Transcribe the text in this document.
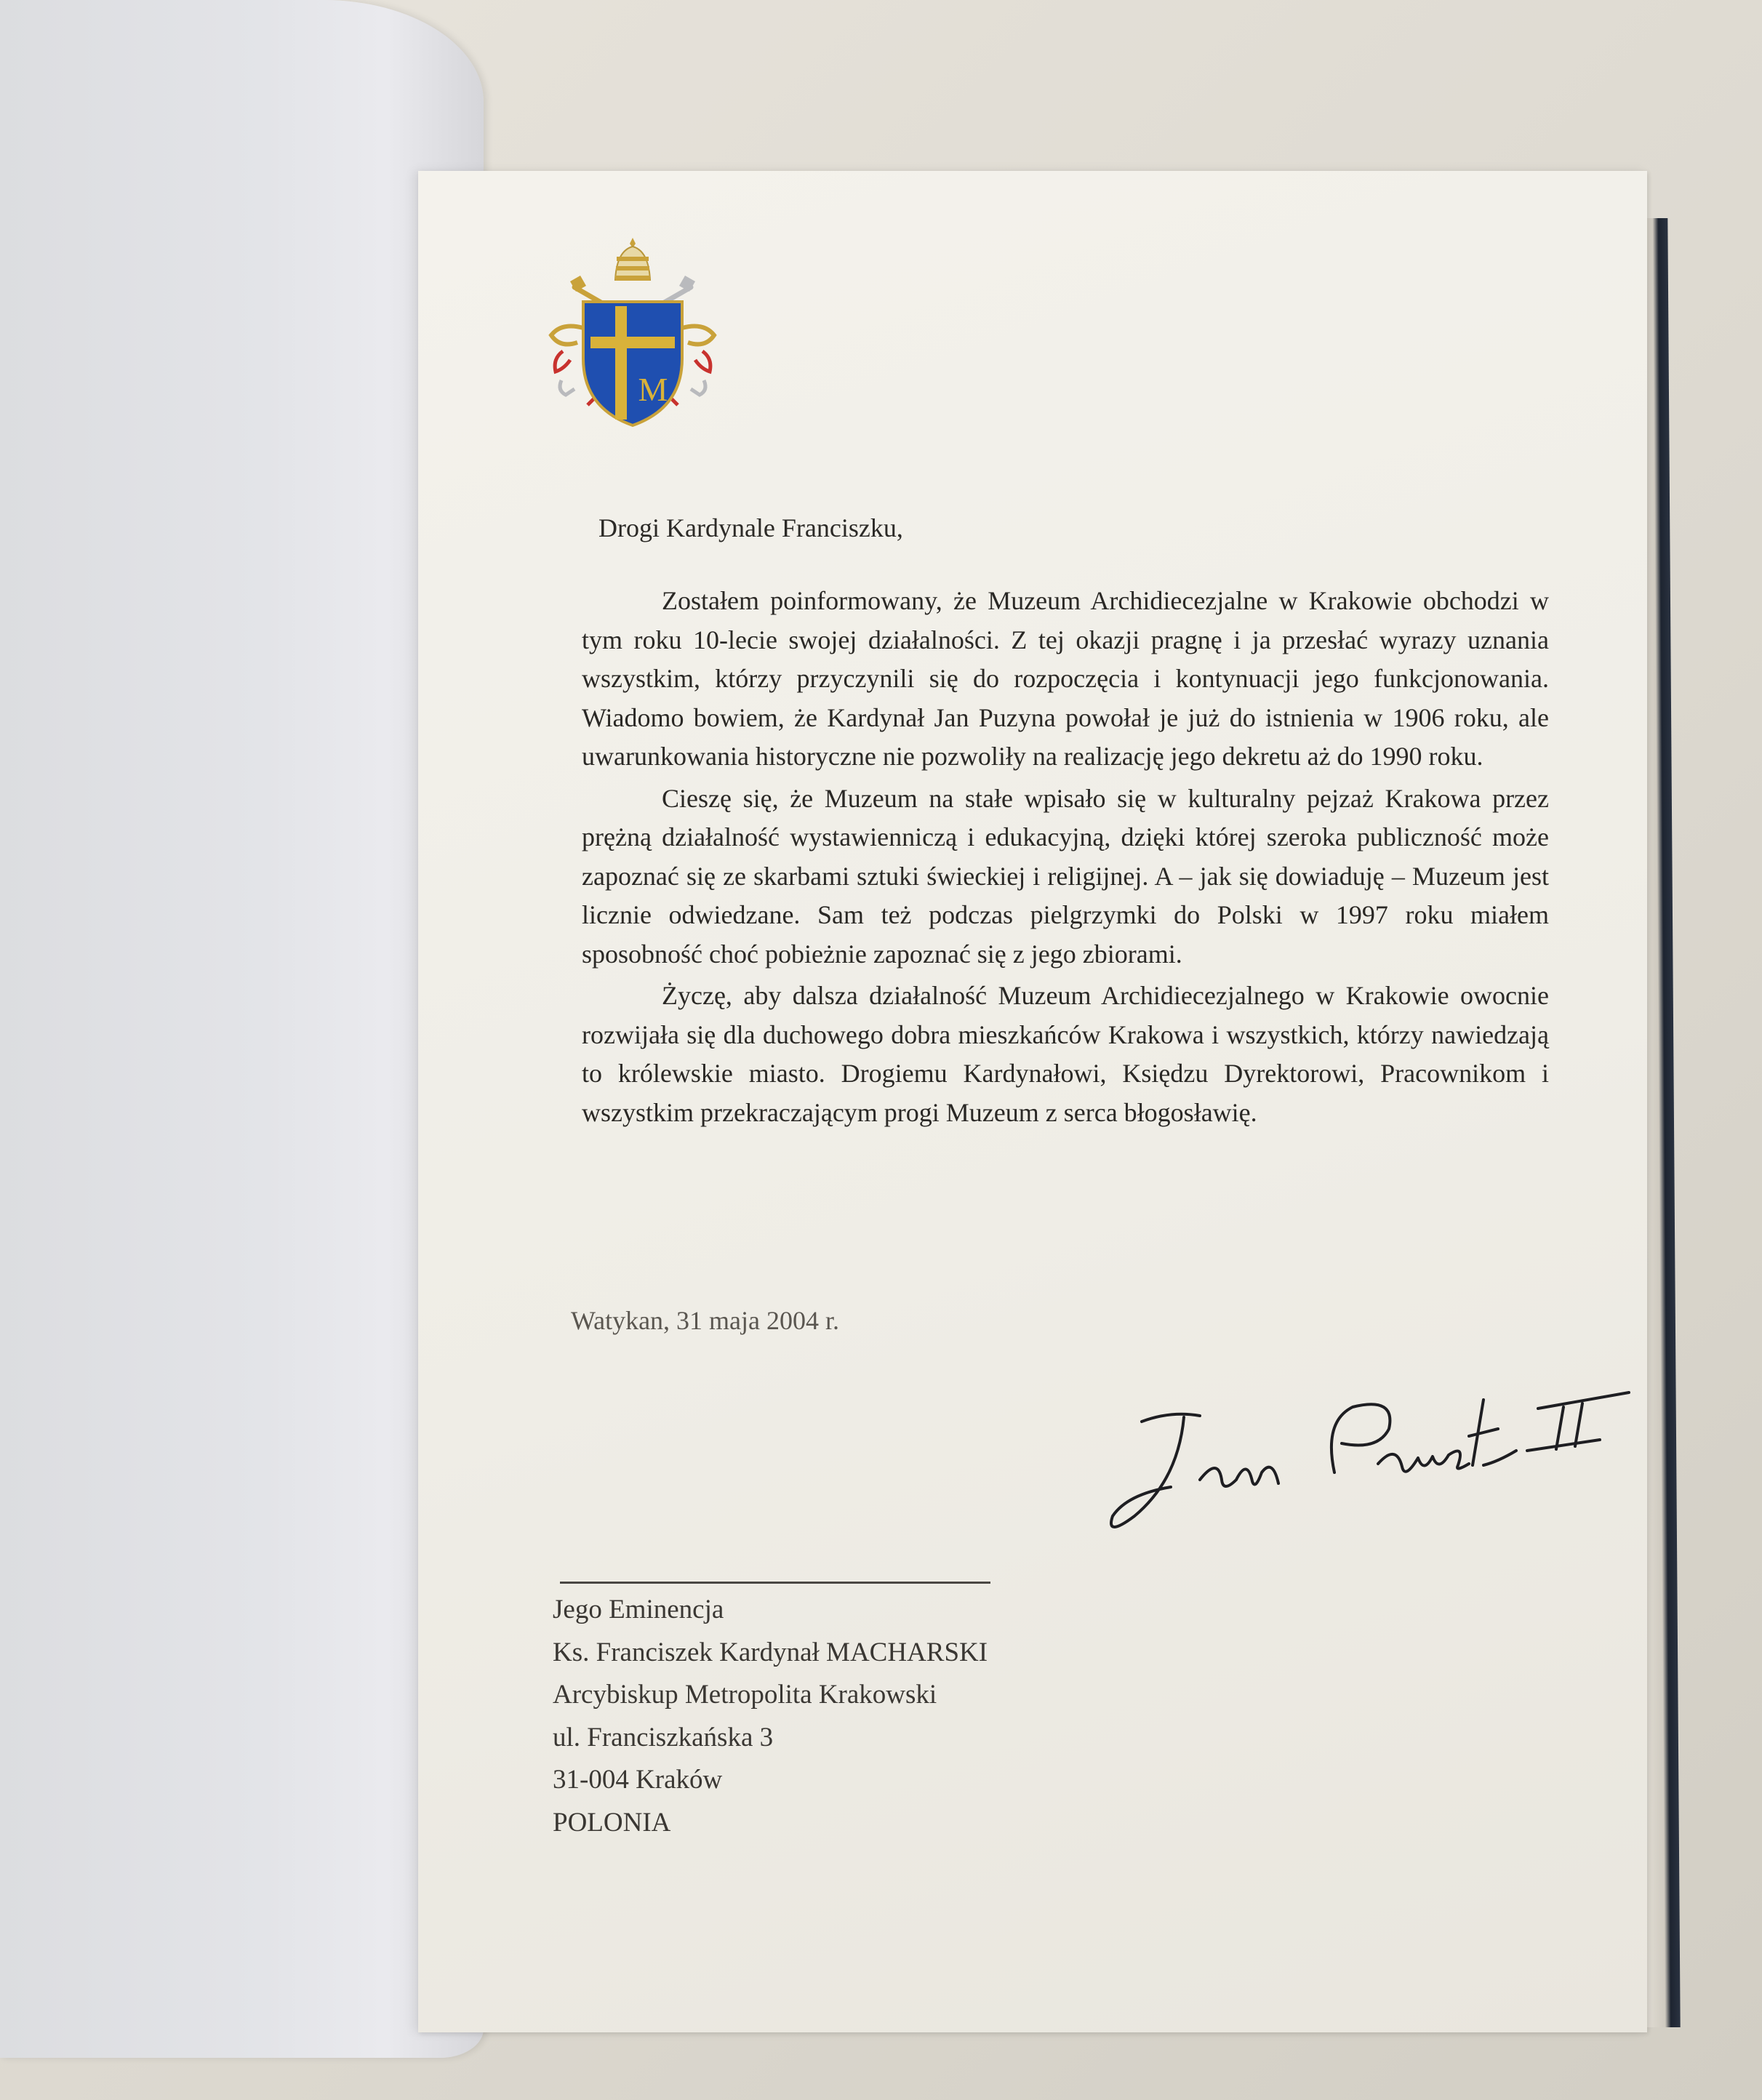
M
Drogi Kardynale Franciszku,

Zostałem poinformowany, że Muzeum Archidiecezjalne w Krakowie obchodzi w tym roku 10-lecie swojej działalności. Z tej okazji pragnę i ja przesłać wyrazy uznania wszystkim, którzy przyczynili się do rozpoczęcia i kontynuacji jego funkcjonowania. Wiadomo bowiem, że Kardynał Jan Puzyna powołał je już do istnienia w 1906 roku, ale uwarunkowania historyczne nie pozwoliły na realizację jego dekretu aż do 1990 roku.

Cieszę się, że Muzeum na stałe wpisało się w kulturalny pejzaż Krakowa przez prężną działalność wystawienniczą i edukacyjną, dzięki której szeroka publiczność może zapoznać się ze skarbami sztuki świeckiej i religijnej. A – jak się dowiaduję – Muzeum jest licznie odwiedzane. Sam też podczas pielgrzymki do Polski w 1997 roku miałem sposobność choć pobieżnie zapoznać się z jego zbiorami.

Życzę, aby dalsza działalność Muzeum Archidiecezjalnego w Krakowie owocnie rozwijała się dla duchowego dobra mieszkańców Krakowa i wszystkich, którzy nawiedzają to królewskie miasto. Drogiemu Kardynałowi, Księdzu Dyrektorowi, Pracownikom i wszystkim przekraczającym progi Muzeum z serca błogosławię.

Watykan, 31 maja 2004 r.
Jego Eminencja
Ks. Franciszek Kardynał MACHARSKI
Arcybiskup Metropolita Krakowski
ul. Franciszkańska 3
31-004 Kraków
POLONIA
